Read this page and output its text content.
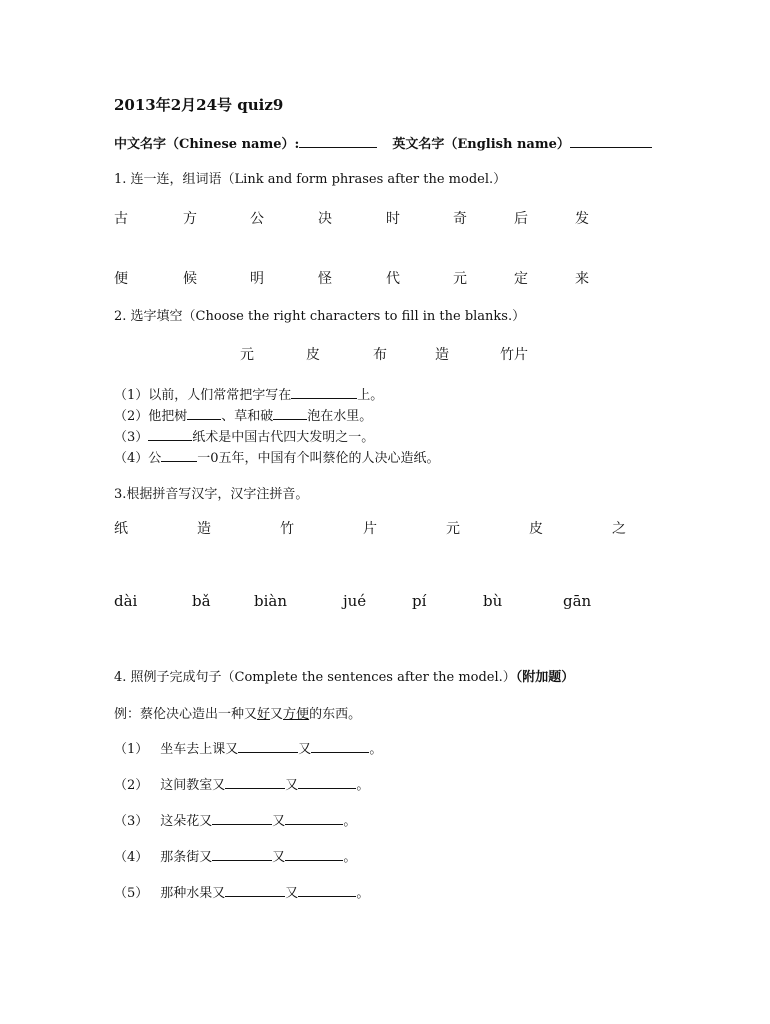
2013年2月24号 quiz9
中文名字（Chinese name）:	英文名字（English name）
1. 连一连，组词语（Link and form phrases after the model.）
古	方	公	决	时	奇	后	发
便	候	明	怪	代	元	定	来
2. 选字填空（Choose the right characters to fill in the blanks.）
元	皮	布	造	竹片
（1）以前，人们常常把字写在	上。
（2）他把树	、草和破	泡在水里。
（3）	纸术是中国古代四大发明之一。
（4）公	一0五年，中国有个叫蔡伦的人决心造纸。
3.根据拼音写汉字，汉字注拼音。
纸	造	竹	片	元	皮	之
dài	bǎ	biàn	jué	pí	bù	gān
4. 照例子完成句子（Complete the sentences after the model.）（附加题）
例：蔡伦决心造出一种又好又方便的东西。
（1） 坐车去上课又	又	。
（2） 这间教室又	又	。
（3） 这朵花又	又	。
（4） 那条街又	又	。
（5） 那种水果又	又	。
